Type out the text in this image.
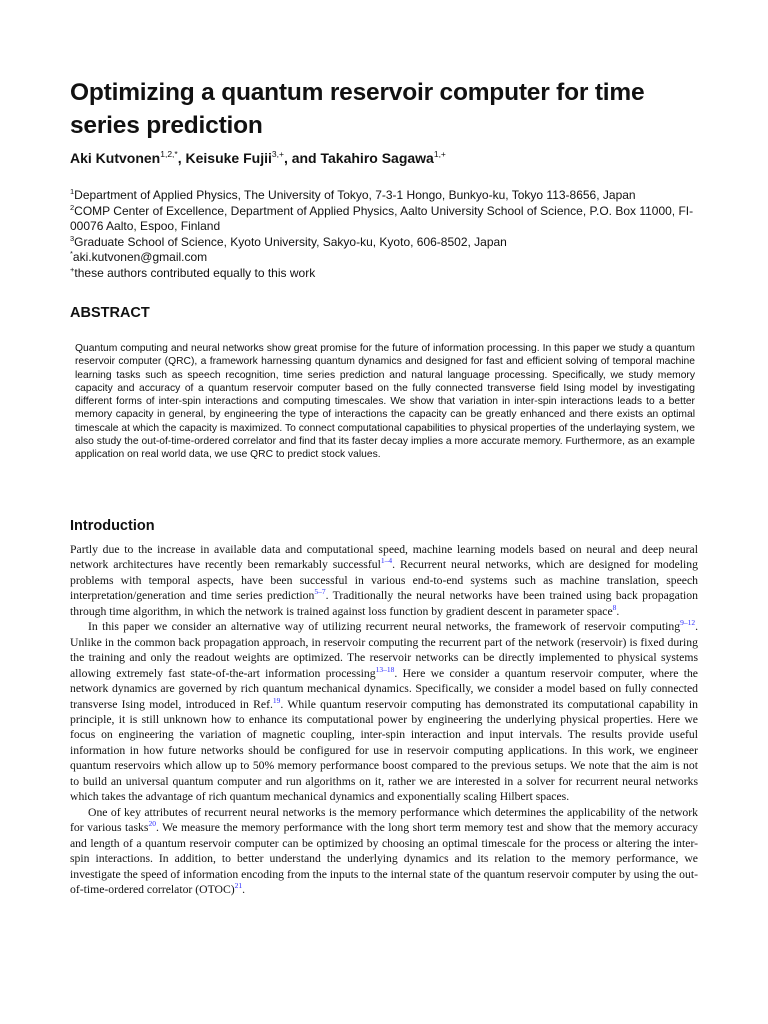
Optimizing a quantum reservoir computer for time series prediction
Aki Kutvonen$^{1,2,*}$, Keisuke Fujii$^{3,+}$, and Takahiro Sagawa$^{1,+}$
$^1$Department of Applied Physics, The University of Tokyo, 7-3-1 Hongo, Bunkyo-ku, Tokyo 113-8656, Japan
$^2$COMP Center of Excellence, Department of Applied Physics, Aalto University School of Science, P.O. Box 11000, FI-00076 Aalto, Espoo, Finland
$^3$Graduate School of Science, Kyoto University, Sakyo-ku, Kyoto, 606-8502, Japan
*aki.kutvonen@gmail.com
+these authors contributed equally to this work
ABSTRACT

Quantum computing and neural networks show great promise for the future of information processing. In this paper we study a quantum reservoir computer (QRC), a framework harnessing quantum dynamics and designed for fast and efficient solving of temporal machine learning tasks such as speech recognition, time series prediction and natural language processing. Specifically, we study memory capacity and accuracy of a quantum reservoir computer based on the fully connected transverse field Ising model by investigating different forms of inter-spin interactions and computing timescales. We show that variation in inter-spin interactions leads to a better memory capacity in general, by engineering the type of interactions the capacity can be greatly enhanced and there exists an optimal timescale at which the capacity is maximized. To connect computational capabilities to physical properties of the underlaying system, we also study the out-of-time-ordered correlator and find that its faster decay implies a more accurate memory. Furthermore, as an example application on real world data, we use QRC to predict stock values.

Introduction

Partly due to the increase in available data and computational speed, machine learning models based on neural and deep neural network architectures have recently been remarkably successful$^{1-4}$. Recurrent neural networks, which are designed for modeling problems with temporal aspects, have been successful in various end-to-end systems such as machine translation, speech interpretation/generation and time series prediction$^{5-7}$. Traditionally the neural networks have been trained using back propagation through time algorithm, in which the network is trained against loss function by gradient descent in parameter space$^8$.

In this paper we consider an alternative way of utilizing recurrent neural networks, the framework of reservoir computing$^{9-12}$. Unlike in the common back propagation approach, in reservoir computing the recurrent part of the network (reservoir) is fixed during the training and only the readout weights are optimized. The reservoir networks can be directly implemented to physical systems allowing extremely fast state-of-the-art information processing$^{13-18}$. Here we consider a quantum reservoir computer, where the network dynamics are governed by rich quantum mechanical dynamics. Specifically, we consider a model based on fully connected transverse Ising model, introduced in Ref.$^{19}$. While quantum reservoir computing has demonstrated its computational capability in principle, it is still unknown how to enhance its computational power by engineering the underlying physical properties. Here we focus on engineering the variation of magnetic coupling, inter-spin interaction and input intervals. The results provide useful information in how future networks should be configured for use in reservoir computing applications. In this work, we engineer quantum reservoirs which allow up to 50% memory performance boost compared to the previous setups. We note that the aim is not to build an universal quantum computer and run algorithms on it, rather we are interested in a solver for recurrent neural networks which takes the advantage of rich quantum mechanical dynamics and exponentially scaling Hilbert spaces.

One of key attributes of recurrent neural networks is the memory performance which determines the applicability of the network for various tasks$^{20}$. We measure the memory performance with the long short term memory test and show that the memory accuracy and length of a quantum reservoir computer can be optimized by choosing an optimal timescale for the process or altering the inter-spin interactions. In addition, to better understand the underlying dynamics and its relation to the memory performance, we investigate the speed of information encoding from the inputs to the internal state of the quantum reservoir computer by using the out-of-time-ordered correlator (OTOC)$^{21}$.
